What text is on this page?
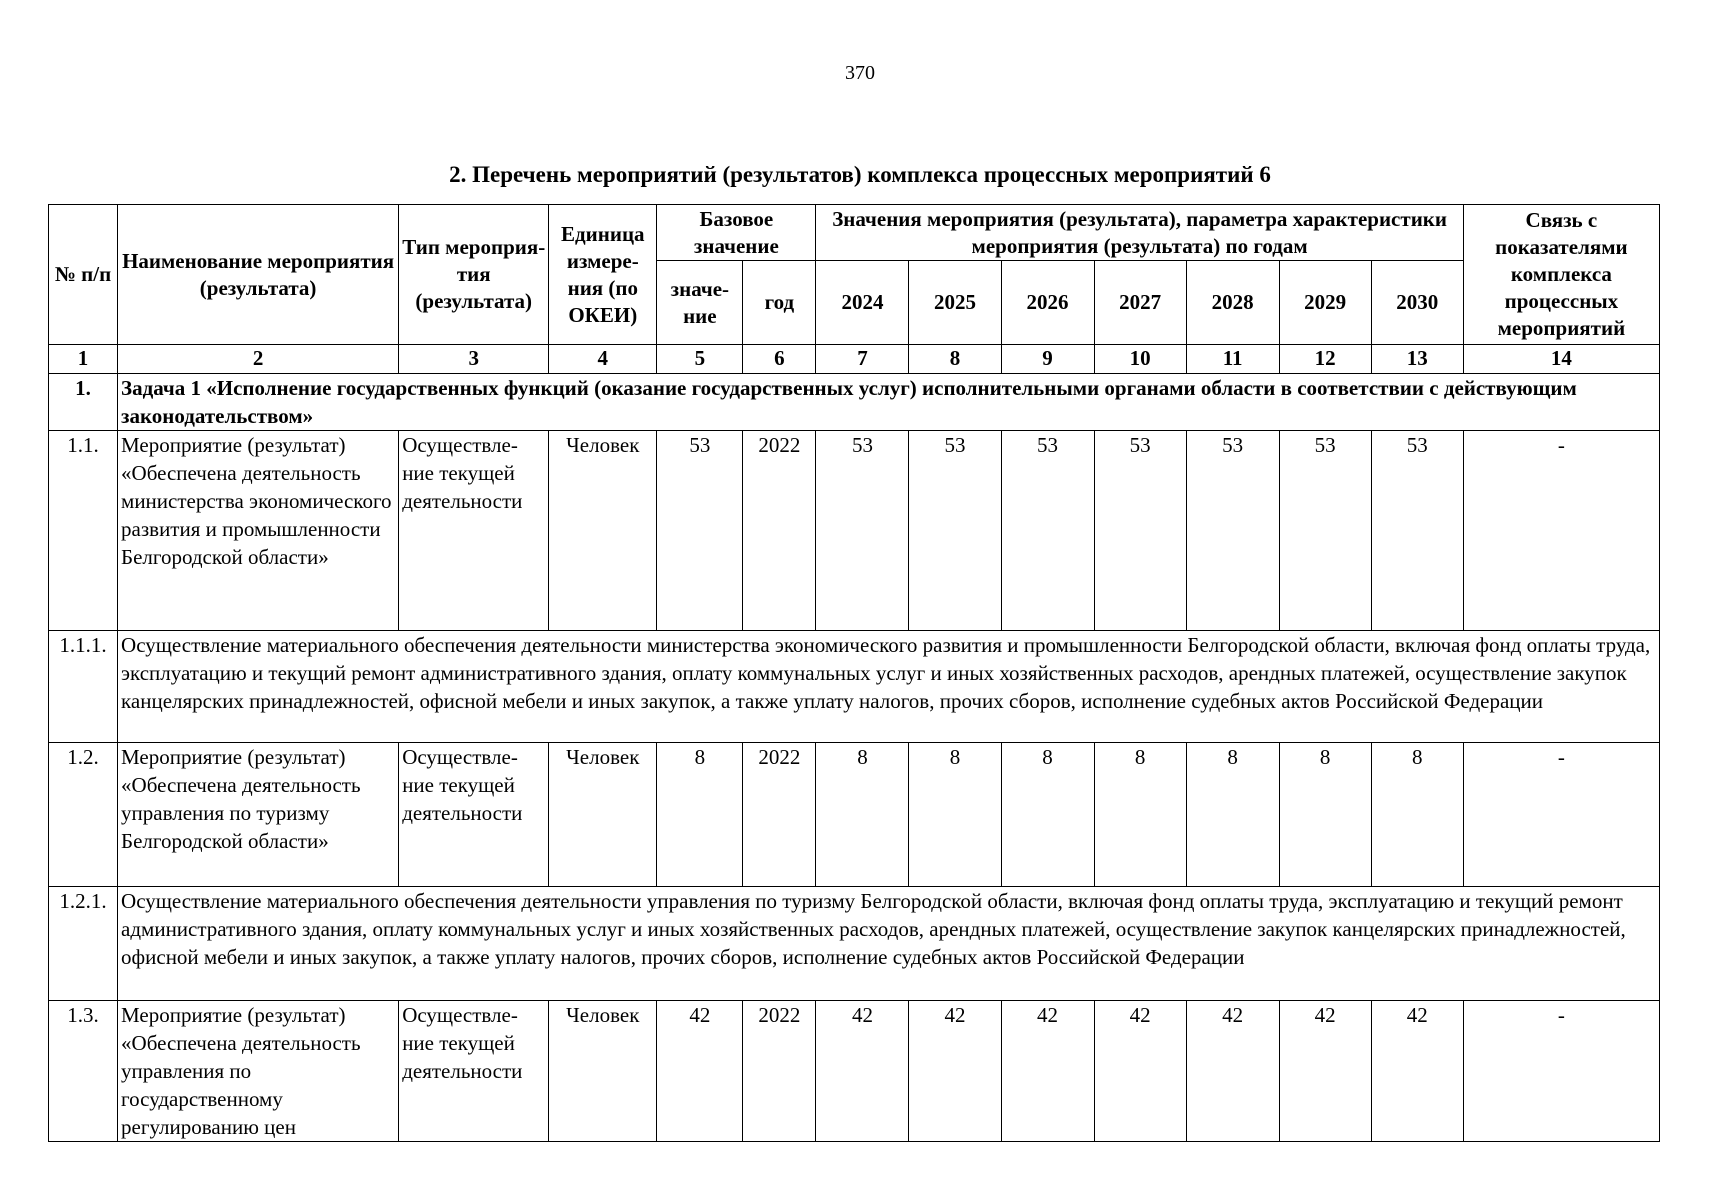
370
2. Перечень мероприятий (результатов) комплекса процессных мероприятий 6
№ п/п	Наименование мероприятия (результата)	Тип мероприя-тия (результата)	Единица измере-ния (по ОКЕИ)	Базовое значение		Значения мероприятия (результата), параметра характеристики мероприятия (результата) по годам							Связь с показателями комплекса процессных мероприятий
				значе-ние	год	2024	2025	2026	2027	2028	2029	2030	
1	2	3	4	5	6	7	8	9	10	11	12	13	14
1.	Задача 1 «Исполнение государственных функций (оказание государственных услуг) исполнительными органами области в соответствии с действующим законодательством»												
1.1.	Мероприятие (результат) «Обеспечена деятельность министерства экономического развития и промышленности Белгородской области»	Осуществле-ние текущей деятельности	Человек	53	2022	53	53	53	53	53	53	53	-
1.1.1.	Осуществление материального обеспечения деятельности министерства экономического развития и промышленности Белгородской области, включая фонд оплаты труда, эксплуатацию и текущий ремонт административного здания, оплату коммунальных услуг и иных хозяйственных расходов, арендных платежей, осуществление закупок канцелярских принадлежностей, офисной мебели и иных закупок, а также уплату налогов, прочих сборов, исполнение судебных актов Российской Федерации												
1.2.	Мероприятие (результат) «Обеспечена деятельность управления по туризму Белгородской области»	Осуществле-ние текущей деятельности	Человек	8	2022	8	8	8	8	8	8	8	-
1.2.1.	Осуществление материального обеспечения деятельности управления по туризму Белгородской области, включая фонд оплаты труда, эксплуатацию и текущий ремонт административного здания, оплату коммунальных услуг и иных хозяйственных расходов, арендных платежей, осуществление закупок канцелярских принадлежностей, офисной мебели и иных закупок, а также уплату налогов, прочих сборов, исполнение судебных актов Российской Федерации												
1.3.	Мероприятие (результат) «Обеспечена деятельность управления по государственному регулированию цен	Осуществле-ние текущей деятельности	Человек	42	2022	42	42	42	42	42	42	42	-
